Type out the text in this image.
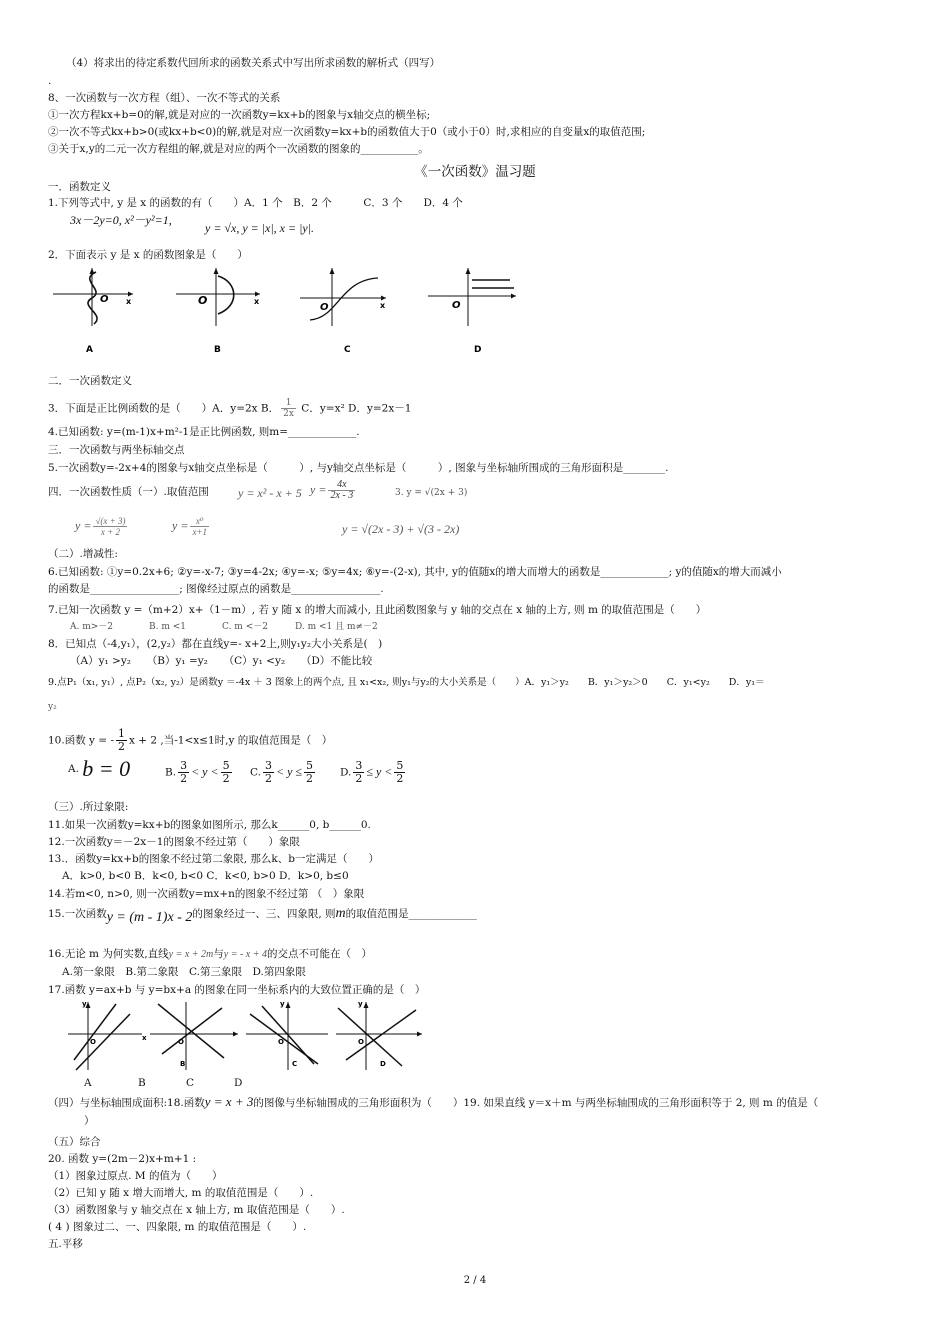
（4）将求出的待定系数代回所求的函数关系式中写出所求函数的解析式（四写）
.
8、一次函数与一次方程（组）、一次不等式的关系
①一次方程kx+b=0的解,就是对应的一次函数y=kx+b的图象与x轴交点的横坐标;
②一次不等式kx+b>0(或kx+b<0)的解,就是对应一次函数y=kx+b的函数值大于0（或小于0）时,求相应的自变量x的取值范围;
③关于x,y的二元一次方程组的解,就是对应的两个一次函数的图象的___________。
《一次函数》温习题
一．函数定义
1.下列等式中, y 是 x 的函数的有（　　）A．1 个　B．2 个　　　C．3 个　　D．4 个
3x－2y=0, x²－y²=1,
y = √x, y = |x|, x = |y|.
2．下面表示 y 是 x 的函数图象是（　　）
O x
A
O	x
B
O	x
C
O
D
二．一次函数定义
3．下面是正比例函数的是（　　）A．y=2x B． $\frac{1}{2x}$ C．y=x² D．y=2x－1
4.已知函数: y=(m-1)x+m²-1是正比例函数, 则m=_____________.
三．一次函数与两坐标轴交点
5.一次函数y=-2x+4的图象与x轴交点坐标是（　　　）, 与y轴交点坐标是（　　　）, 图象与坐标轴所围成的三角形面积是________.
四．一次函数性质（一）.取值范围 y = x² - x + 5 $y = \frac{4x}{2x - 3}$	3. y = √(2x + 3)
$y = \frac{√(x + 3)}{x + 2}$	$y = \frac{\text{x⁰}}{x+1}$	y = √(2x - 3) + √(3 - 2x)
（二）.增减性:
6.已知函数: ①y=0.2x+6; ②y=-x-7; ③y=4-2x; ④y=-x; ⑤y=4x; ⑥y=-(2-x), 其中, y的值随x的增大而增大的函数是_____________; y的值随x的增大而减小
的函数是_________________; 图像经过原点的函数是_________________.
7.已知一次函数 y =（m+2）x+（1－m）, 若 y 随 x 的增大而减小, 且此函数图象与 y 轴的交点在 x 轴的上方, 则 m 的取值范围是（　　）
A. m>－2　　　　B. m <1　　　　C. m <－2　　　D. m <1 且 m≠－2
8．已知点（-4,y₁），(2,y₂）都在直线y=- x+2上,则y₁y₂大小关系是(　)
（A）y₁ >y₂　　（B）y₁ =y₂　　（C）y₁ <y₂　　（D）不能比较
9.点P₁（x₁, y₁）, 点P₂（x₂, y₂）是函数y ＝-4x ＋ 3 图象上的两个点, 且 x₁<x₂, 则y₁与y₂的大小关系是（　　）A．y₁＞y₂　　B．y₁＞y₂＞0　　C．y₁<y₂　　D．y₁＝
y₂
10.函数 y = - $\frac{1}{2}$ x + 2 ,当-1<x≤1时,y 的取值范围是（　）
A. b = 0	B. $\frac{3}{2} < y < \frac{5}{2} C$. $\frac{3}{2} < y \le \frac{5}{2} D$. $\frac{3}{2} \le y < \frac{5}{2}$
（三）.所过象限:
11.如果一次函数y=kx+b的图象如图所示, 那么k______0, b______0.
12.一次函数y＝－2x－1的图象不经过第（　　）象限
13.．函数y=kx+b的图象不经过第二象限, 那么k、b一定满足（　　）
A．k>0, b<0 B．k<0, b<0 C．k<0, b>0 D．k>0, b≤0
14.若m<0, n>0, 则一次函数y=mx+n的图象不经过第 （　）象限
15.一次函数y = (m - 1)x - 2的图象经过一、三、四象限, 则m的取值范围是_____________
16.无论 m 为何实数,直线y = x + 2m与y = - x + 4的交点不可能在（　）
A.第一象限　B.第二象限　C.第三象限　D.第四象限
17.函数 y=ax+b 与 y=bx+a 的图象在同一坐标系内的大致位置正确的是（　）
y
O	x	O
B
O
C
y
O
D
y
A	B	C	D
（四）与坐标轴围成面积:18.函数y = x + 3的图像与坐标轴围成的三角形面积为（　　）19. 如果直线 y＝x＋m 与两坐标轴围成的三角形面积等于 2, 则 m 的值是（
）
（五）综合
20. 函数 y=(2m－2)x+m+1 :
（1）图象过原点. M 的值为（　　）
（2）已知 y 随 x 增大而增大, m 的取值范围是（　　）.
（3）函数图象与 y 轴交点在 x 轴上方, m 取值范围是（　　）.
( 4 ) 图象过二、一、四象限, m 的取值范围是（　　）.
五.平移
2 / 4
